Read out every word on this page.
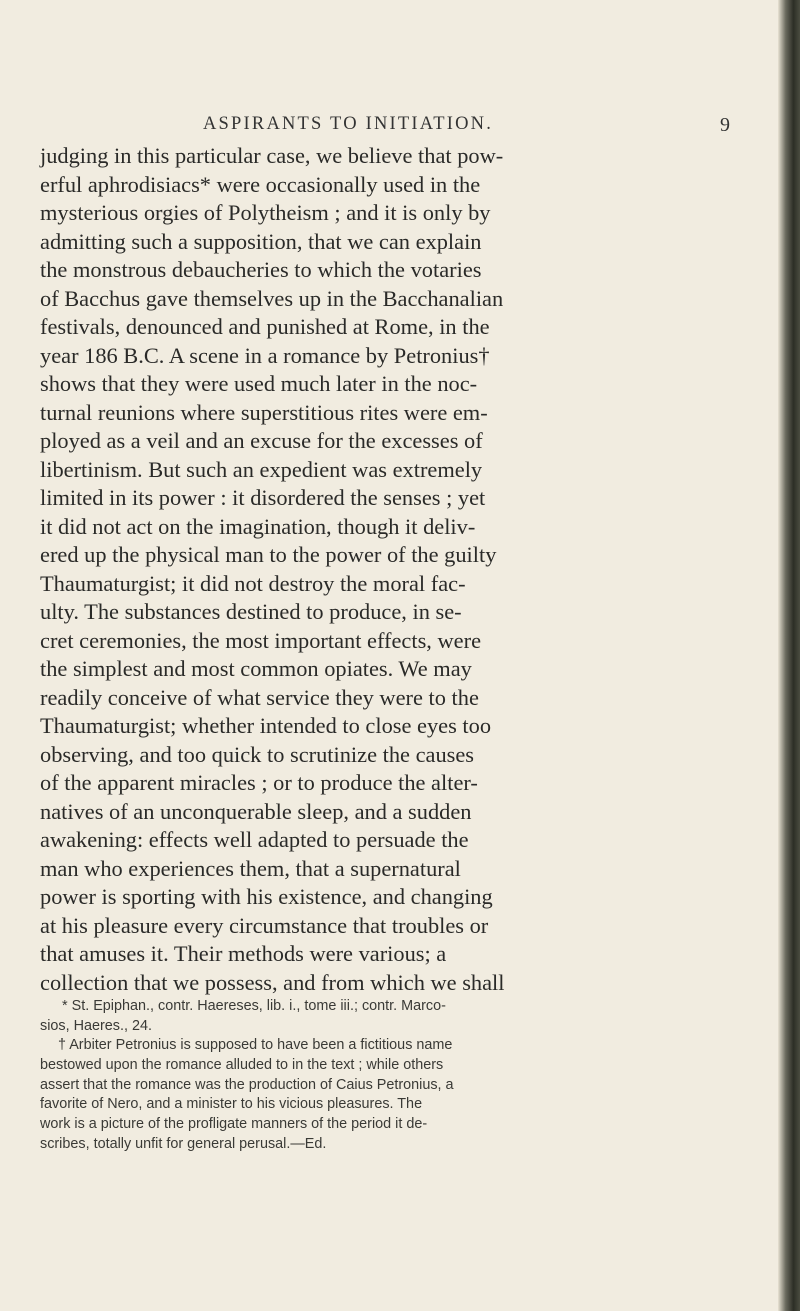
ASPIRANTS TO INITIATION.	9
judging in this particular case, we believe that pow-
erful aphrodisiacs* were occasionally used in the
mysterious orgies of Polytheism ; and it is only by
admitting such a supposition, that we can explain
the monstrous debaucheries to which the votaries
of Bacchus gave themselves up in the Bacchanalian
festivals, denounced and punished at Rome, in the
year 186 B.C. A scene in a romance by Petronius†
shows that they were used much later in the noc-
turnal reunions where superstitious rites were em-
ployed as a veil and an excuse for the excesses of
libertinism. But such an expedient was extremely
limited in its power : it disordered the senses ; yet
it did not act on the imagination, though it deliv-
ered up the physical man to the power of the guilty
Thaumaturgist; it did not destroy the moral fac-
ulty. The substances destined to produce, in se-
cret ceremonies, the most important effects, were
the simplest and most common opiates. We may
readily conceive of what service they were to the
Thaumaturgist; whether intended to close eyes too
observing, and too quick to scrutinize the causes
of the apparent miracles ; or to produce the alter-
natives of an unconquerable sleep, and a sudden
awakening: effects well adapted to persuade the
man who experiences them, that a supernatural
power is sporting with his existence, and changing
at his pleasure every circumstance that troubles or
that amuses it. Their methods were various; a
collection that we possess, and from which we shall
* St. Epiphan., contr. Haereses, lib. i., tome iii.; contr. Marco-
sios, Haeres., 24.
† Arbiter Petronius is supposed to have been a fictitious name
bestowed upon the romance alluded to in the text ; while others
assert that the romance was the production of Caius Petronius, a
favorite of Nero, and a minister to his vicious pleasures. The
work is a picture of the profligate manners of the period it de-
scribes, totally unfit for general perusal.—Ed.
